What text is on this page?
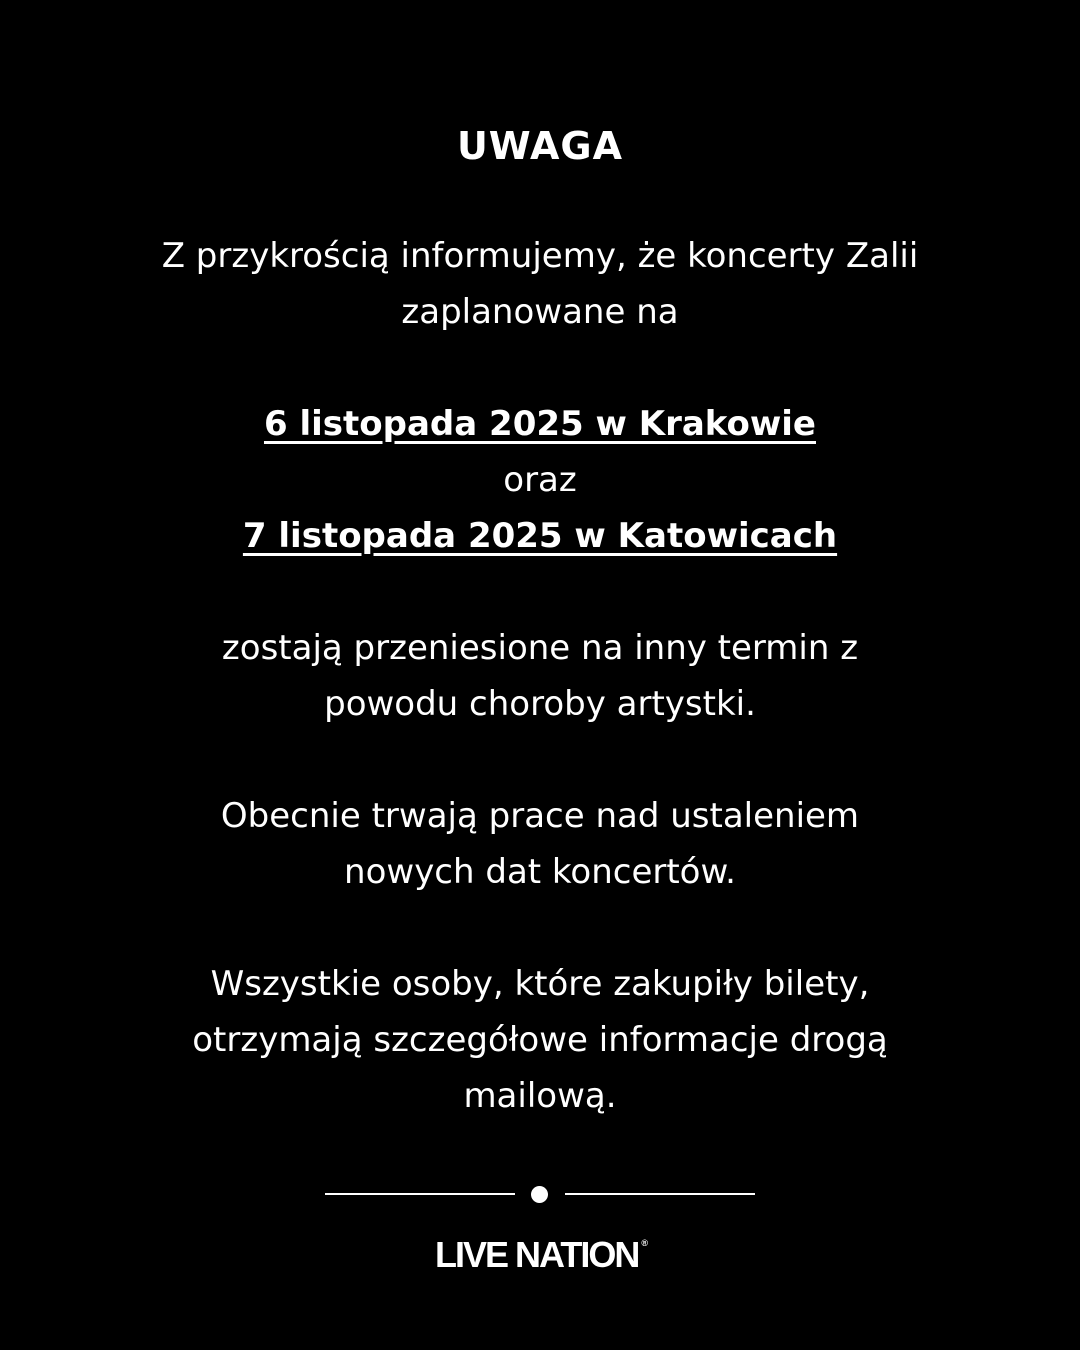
UWAGA
Z przykrością informujemy, że koncerty Zalii
zaplanowane na
6 listopada 2025 w Krakowie
oraz
7 listopada 2025 w Katowicach
zostają przeniesione na inny termin z
powodu choroby artystki.
Obecnie trwają prace nad ustaleniem
nowych dat koncertów.
Wszystkie osoby, które zakupiły bilety,
otrzymają szczegółowe informacje drogą
mailową.
LIVE NATION ®
